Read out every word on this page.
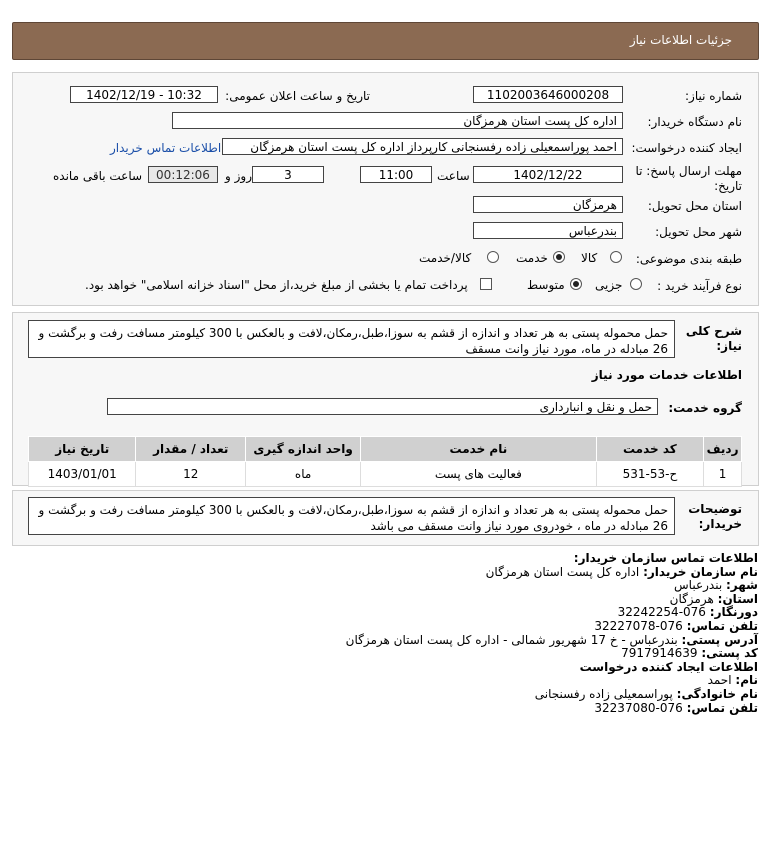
جزئیات اطلاعات نیاز
شماره نیاز:
1102003646000208
تاریخ و ساعت اعلان عمومی:
1402/12/19 - 10:32
نام دستگاه خریدار:
اداره کل پست استان هرمزگان
ایجاد کننده درخواست:
احمد پوراسمعیلی زاده رفسنجانی کارپرداز اداره کل پست استان هرمزگان
اطلاعات تماس خریدار
مهلت ارسال پاسخ: تا
تاریخ:
1402/12/22
ساعت
11:00
3
روز و
00:12:06
ساعت باقی مانده
استان محل تحویل:
هرمزگان
شهر محل تحویل:
بندرعباس
طبقه بندی موضوعی:
کالا
خدمت
کالا/خدمت
نوع فرآیند خرید :
جزیی
متوسط
پرداخت تمام یا بخشی از مبلغ خرید،از محل "اسناد خزانه اسلامی" خواهد بود.
شرح کلی
نیاز:
حمل محموله پستی به هر تعداد و اندازه از قشم به سوزا،طبل،رمکان،لافت و بالعکس با 300 کیلومتر مسافت رفت و برگشت و 26 مبادله در ماه، مورد نیاز وانت مسقف
اطلاعات خدمات مورد نیاز
گروه خدمت:
حمل و نقل و انبارداری
تاریخ نیاز	تعداد / مقدار	واحد اندازه گیری	نام خدمت	کد خدمت	ردیف
1403/01/01	12	ماه	فعالیت های پست	ح-53-531	1
توضیحات
خریدار:
حمل محموله پستی به هر تعداد و اندازه از قشم به سوزا،طبل،رمکان،لافت و بالعکس با 300 کیلومتر مسافت رفت و برگشت و 26 مبادله در ماه ، خودروی مورد نیاز وانت مسقف می باشد
اطلاعات تماس سازمان خریدار:
نام سازمان خریدار: اداره کل پست استان هرمزگان
شهر: بندرعباس
استان: هرمزگان
دورنگار: 076-32242254
تلفن تماس: 076-32227078
آدرس پستی: بندرعباس - خ 17 شهریور شمالی - اداره کل پست استان هرمزگان
کد پستی: 7917914639
اطلاعات ایجاد کننده درخواست
نام: احمد
نام خانوادگی: پوراسمعیلی زاده رفسنجانی
تلفن تماس: 076-32237080
